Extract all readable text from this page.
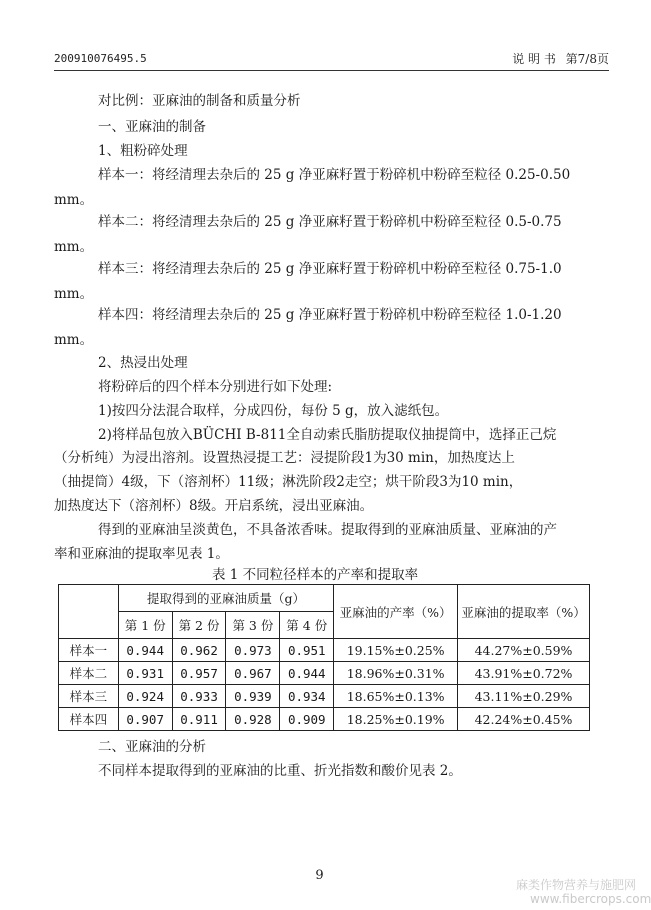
200910076495.5	说 明 书 第7/8页
对比例：亚麻油的制备和质量分析
一、亚麻油的制备
1、粗粉碎处理
样本一：将经清理去杂后的 25 g 净亚麻籽置于粉碎机中粉碎至粒径 0.25-0.50
mm。
样本二：将经清理去杂后的 25 g 净亚麻籽置于粉碎机中粉碎至粒径 0.5-0.75
mm。
样本三：将经清理去杂后的 25 g 净亚麻籽置于粉碎机中粉碎至粒径 0.75-1.0
mm。
样本四：将经清理去杂后的 25 g 净亚麻籽置于粉碎机中粉碎至粒径 1.0-1.20
mm。
2、热浸出处理
将粉碎后的四个样本分别进行如下处理:
1)按四分法混合取样，分成四份，每份 5 g，放入滤纸包。
2)将样品包放入BÜCHI B-811全自动索氏脂肪提取仪抽提筒中，选择正己烷
（分析纯）为浸出溶剂。设置热浸提工艺：浸提阶段1为30 min，加热度达上
（抽提筒）4级，下（溶剂杯）11级；淋洗阶段2走空；烘干阶段3为10 min，
加热度达下（溶剂杯）8级。开启系统，浸出亚麻油。
得到的亚麻油呈淡黄色，不具备浓香味。提取得到的亚麻油质量、亚麻油的产
率和亚麻油的提取率见表 1。
表 1 不同粒径样本的产率和提取率
	提取得到的亚麻油质量（g）				亚麻油的产率（%）	亚麻油的提取率（%）
	第 1 份	第 2 份	第 3 份	第 4 份		
样本一	0.944	0.962	0.973	0.951	19.15%±0.25%	44.27%±0.59%
样本二	0.931	0.957	0.967	0.944	18.96%±0.31%	43.91%±0.72%
样本三	0.924	0.933	0.939	0.934	18.65%±0.13%	43.11%±0.29%
样本四	0.907	0.911	0.928	0.909	18.25%±0.19%	42.24%±0.45%
二、亚麻油的分析
不同样本提取得到的亚麻油的比重、折光指数和酸价见表 2。
9
麻类作物营养与施肥网
www.fibercrops.com
